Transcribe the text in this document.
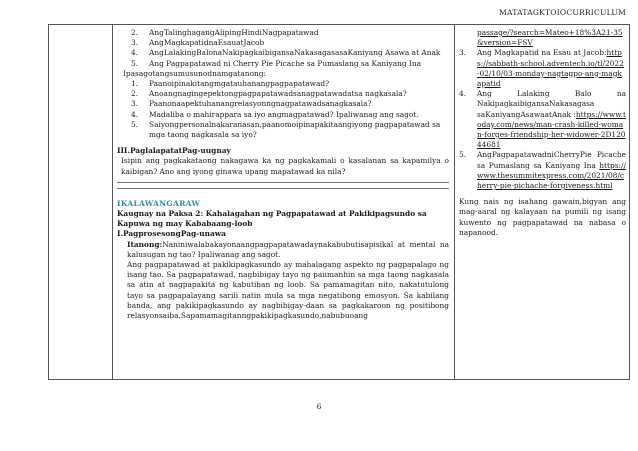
MATATAGKTOIOCURRICULUM

2. AngTalinghagangAlipingHindiNagpapatawad

3. AngMagkapatidnaEsauatJacob

4. AngLalakingBalonaNakipagkaibigansaNakasagasasaKaniyang Asawa at Anak

5. Ang Pagpapatawad ni Cherry Pie Picache sa Pumaslang sa Kaniyang Ina

Ipasagotangsumusunodnamgatanong:

1. Paanoipinakitangmgatauhanangpagpapatawad?

2. Anoangnagingepektongpagpapatawadsanagpatawadatsa nagkasala?

3. Paanonaapektuhanangrelasyonngnagpatawadsanagkasala?

4. Madaliba o mahirappara sa iyo angmagpatawad? Ipaliwanag ang sagot.

5. Saiyongpersonalnakaranasan,paanomoipinapakitaangiyong pagpapatawad sa mga taong nagkasala sa iyo?

III.PaglalapatatPag-uugnay

Isipin ang pagkakataong nakagawa ka ng pagkakamali o kasalanan sa kapamilya o kaibigan? Ano ang iyong ginawa upang mapatawad ka nila?

IKALAWANGARAW

Kaugnay na Paksa 2: Kahalagahan ng Pagpapatawad at Pakikipagsundo sa Kapuwa ng may Kababaang-loob

I.PagprosesongPag-unawa

Itanong:Naniniwalabakayonaangpagpapatawadaynakabubutisapisikal at mental na kalusugan ng tao? Ipaliwanag ang sagot.

Ang pagpapatawad at pakikipagkasundo ay mahalagang aspekto ng pagpapalago ng isang tao. Sa pagpapatawad, nagbibigay tayo ng paumanhin sa mga taong nagkasala sa atin at nagpapakita ng kabutihan ng loob. Sa pamamagitan nito, nakatutulong tayo sa pagpapalayang sarili natin mula sa mga negatibong emosyon. Sa kabilang banda, ang pakikipagkasundo ay nagbibigay-daan sa pagkakaroon ng positibong relasyonsaiba.Sapamamagitanngpakikipagkasundo,nabubuoang

passage/?search=Mateo+18%3A21-35&version=FSV

3. Ang Magkapatid na Esau at Jacob:https://sabbath-school.adventech.io/tl/2022-02/10/03-monday-nagtagpo-ang-magkapatid

4. Ang Lalaking Balo na NakipagkaibigansaNakasagasa saKaniyangAsawaatAnak :https://www.today.com/news/man-crash-killed-woman-forges-friendship-her-widower-2D12044681

5. AngPagpapatawadniCherryPie Picache sa Pumaslang sa Kaniyang Ina https://www.thesummitexpress.com/2021/08/cherry-pie-pichache-forgiveness.html

Kung nais ng isahang gawain,bigyan ang mag-aaral ng kalayaan na pumili ng isang kuwento ng pagpapatawad na nabasa o napanood.

6
